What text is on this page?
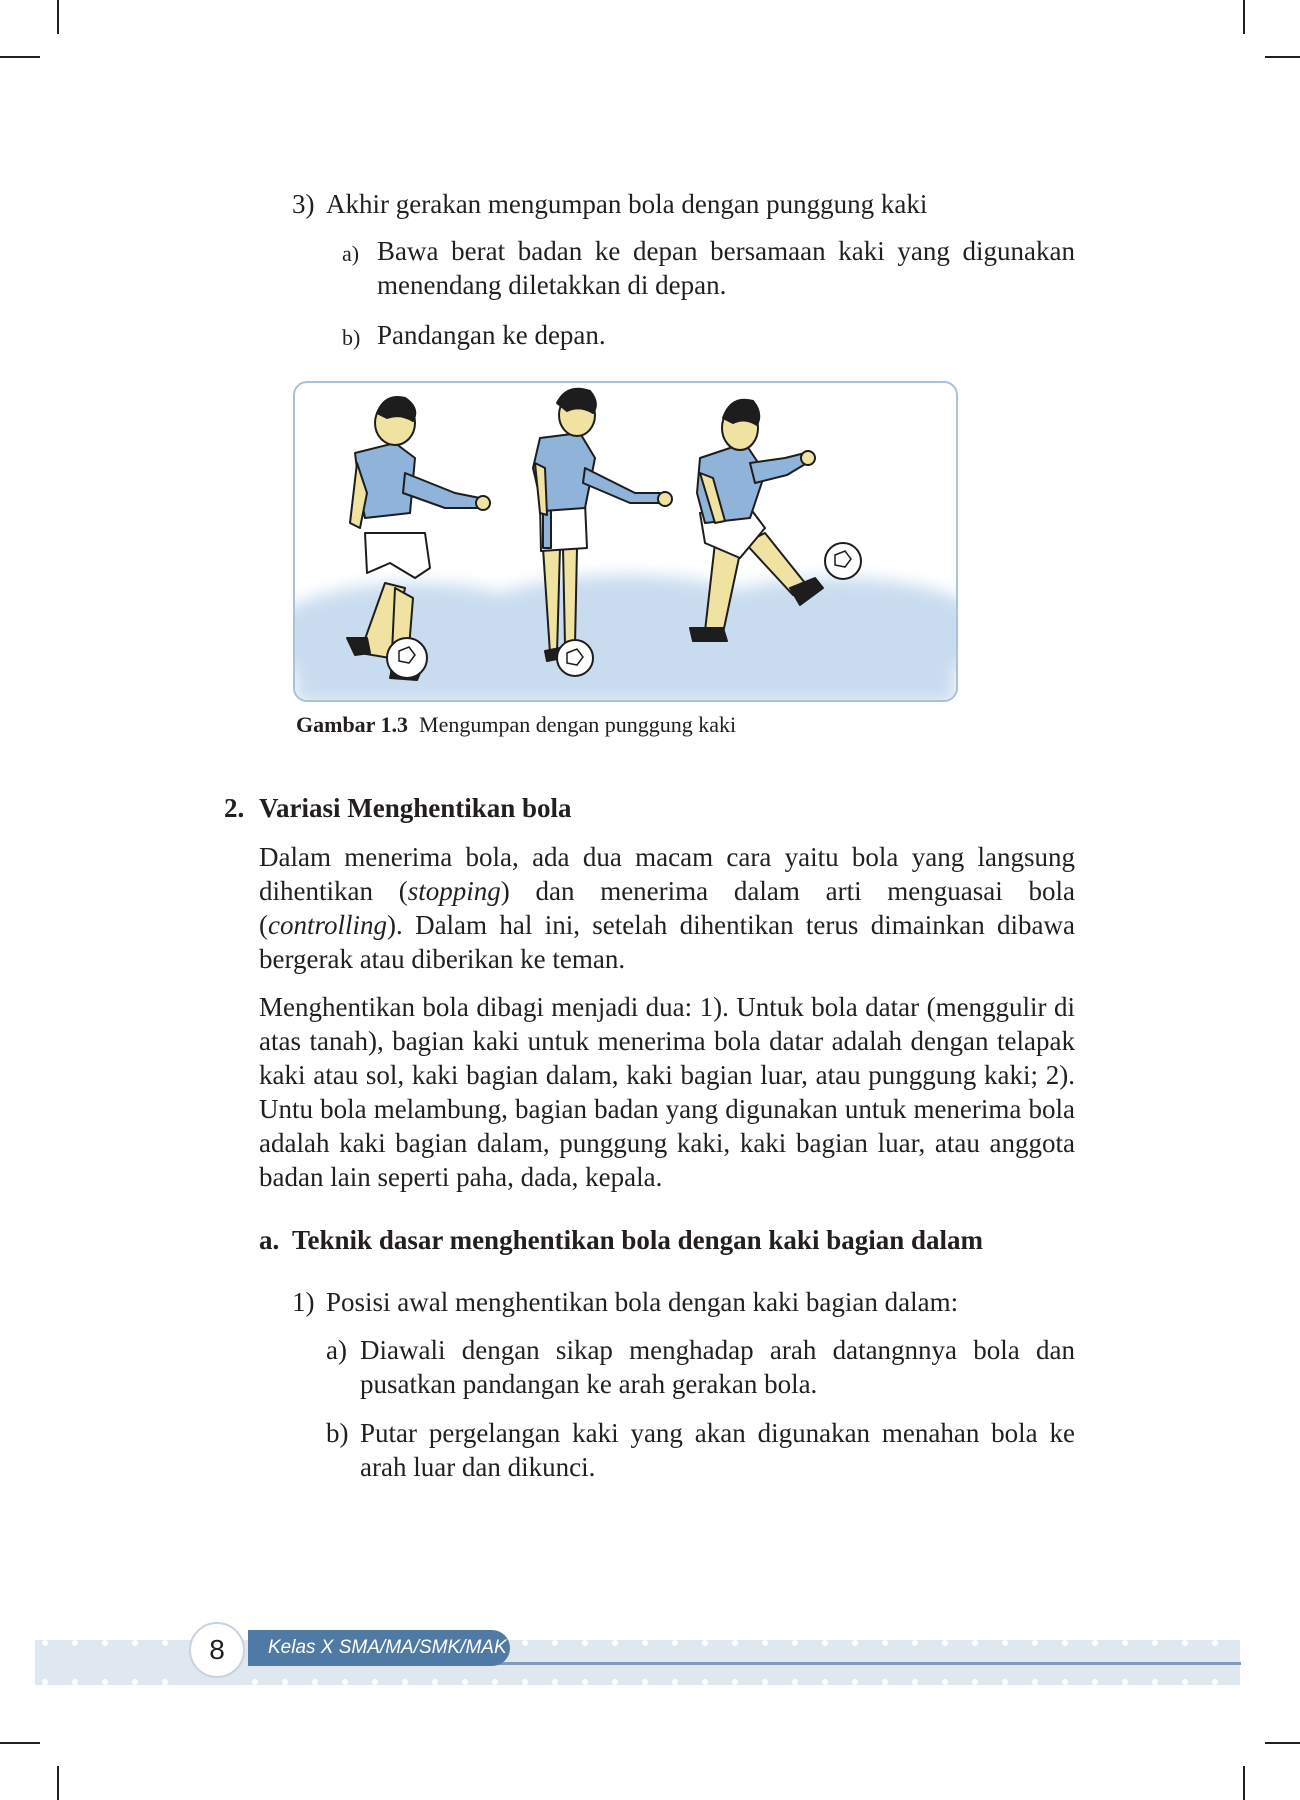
3) Akhir gerakan mengumpan bola dengan punggung kaki
a) Bawa berat badan ke depan bersamaan kaki yang digunakan menendang diletakkan di depan.
b) Pandangan ke depan.
Gambar 1.3 Mengumpan dengan punggung kaki
2. Variasi Menghentikan bola
Dalam menerima bola, ada dua macam cara yaitu bola yang langsung dihentikan (stopping) dan menerima dalam arti menguasai bola (controlling). Dalam hal ini, setelah dihentikan terus dimainkan dibawa bergerak atau diberikan ke teman.
Menghentikan bola dibagi menjadi dua: 1). Untuk bola datar (menggulir di atas tanah), bagian kaki untuk menerima bola datar adalah dengan telapak kaki atau sol, kaki bagian dalam, kaki bagian luar, atau punggung kaki; 2). Untu bola melambung, bagian badan yang digunakan untuk menerima bola adalah kaki bagian dalam, punggung kaki, kaki bagian luar, atau anggota badan lain seperti paha, dada, kepala.
a. Teknik dasar menghentikan bola dengan kaki bagian dalam
1) Posisi awal menghentikan bola dengan kaki bagian dalam:
a) Diawali dengan sikap menghadap arah datangnnya bola dan pusatkan pandangan ke arah gerakan bola.
b) Putar pergelangan kaki yang akan digunakan menahan bola ke arah luar dan dikunci.
Kelas X SMA/MA/SMK/MAK
8
